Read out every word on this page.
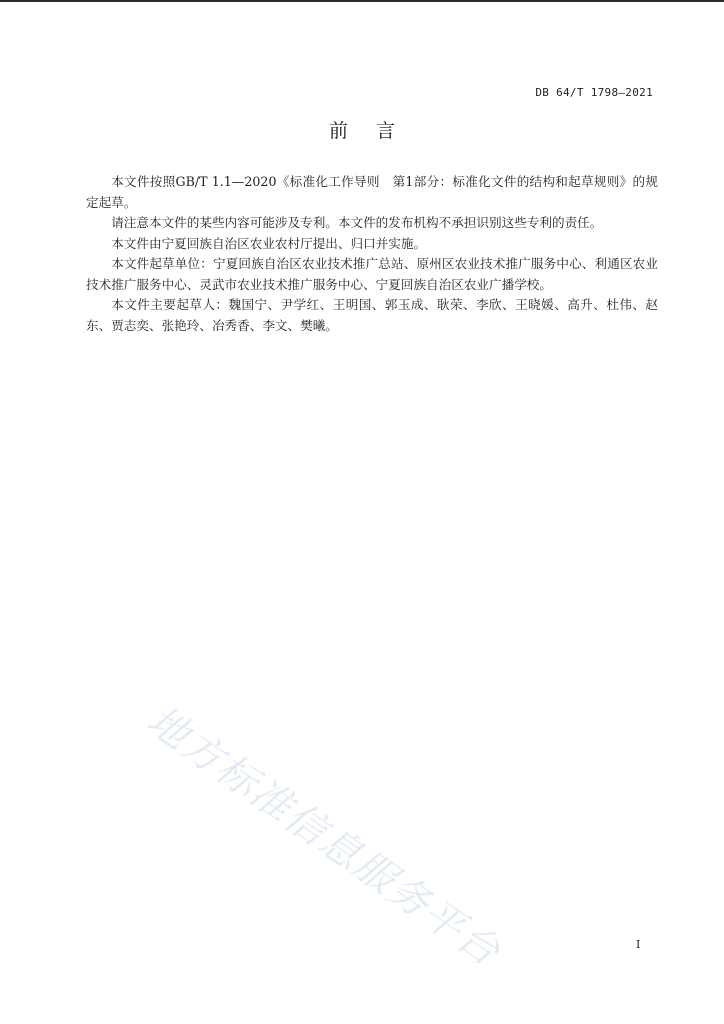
DB 64/T 1798—2021
前言

本文件按照GB/T 1.1—2020《标准化工作导则　第1部分：标准化文件的结构和起草规则》的规定起草。

请注意本文件的某些内容可能涉及专利。本文件的发布机构不承担识别这些专利的责任。

本文件由宁夏回族自治区农业农村厅提出、归口并实施。

本文件起草单位：宁夏回族自治区农业技术推广总站、原州区农业技术推广服务中心、利通区农业技术推广服务中心、灵武市农业技术推广服务中心、宁夏回族自治区农业广播学校。

本文件主要起草人：魏国宁、尹学红、王明国、郭玉成、耿荣、李欣、王晓媛、高升、杜伟、赵东、贾志奕、张艳玲、冶秀香、李文、樊曦。

地方标准信息服务平台	I
